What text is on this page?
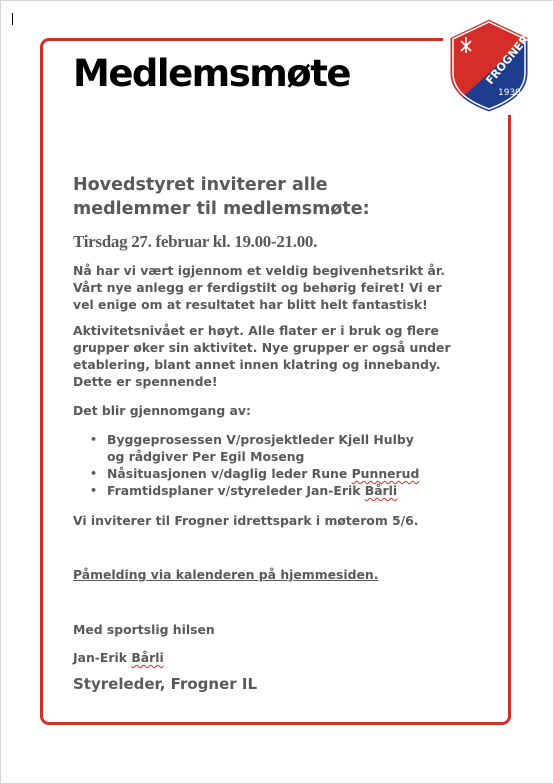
FROGNER IL
1930
Medlemsmøte

Hovedstyret inviterer alle medlemmer til medlemsmøte:

Tirsdag 27. februar kl. 19.00-21.00.

Nå har vi vært igjennom et veldig begivenhetsrikt år. Vårt nye anlegg er ferdigstilt og behørig feiret! Vi er vel enige om at resultatet har blitt helt fantastisk!

Aktivitetsnivået er høyt. Alle flater er i bruk og flere grupper øker sin aktivitet. Nye grupper er også under etablering, blant annet innen klatring og innebandy. Dette er spennende!

Det blir gjennomgang av:

• Byggeprosessen V/prosjektleder Kjell Hulby og rådgiver Per Egil Moseng
• Nåsituasjonen v/daglig leder Rune Punnerud
• Framtidsplaner v/styreleder Jan-Erik Bårli

Vi inviterer til Frogner idrettspark i møterom 5/6.

Påmelding via kalenderen på hjemmesiden.

Med sportslig hilsen

Jan-Erik Bårli

Styreleder, Frogner IL
